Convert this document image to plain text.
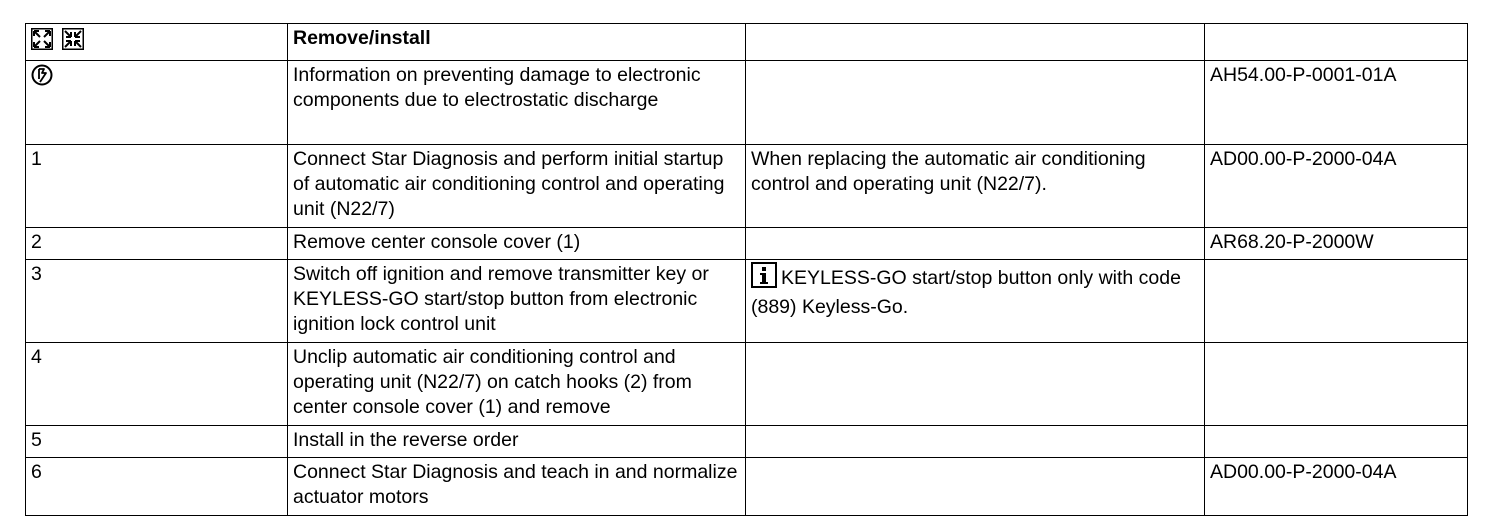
	Remove/install		
	Information on preventing damage to electronic components due to electrostatic discharge		AH54.00-P-0001-01A
1	Connect Star Diagnosis and perform initial startup of automatic air conditioning control and operating unit (N22/7)	When replacing the automatic air conditioning control and operating unit (N22/7).	AD00.00-P-2000-04A
2	Remove center console cover (1)		AR68.20-P-2000W
3	Switch off ignition and remove transmitter key or KEYLESS-GO start/stop button from electronic ignition lock control unit	KEYLESS-GO start/stop button only with code (889) Keyless-Go.	
4	Unclip automatic air conditioning control and operating unit (N22/7) on catch hooks (2) from center console cover (1) and remove		
5	Install in the reverse order		
6	Connect Star Diagnosis and teach in and normalize actuator motors		AD00.00-P-2000-04A
